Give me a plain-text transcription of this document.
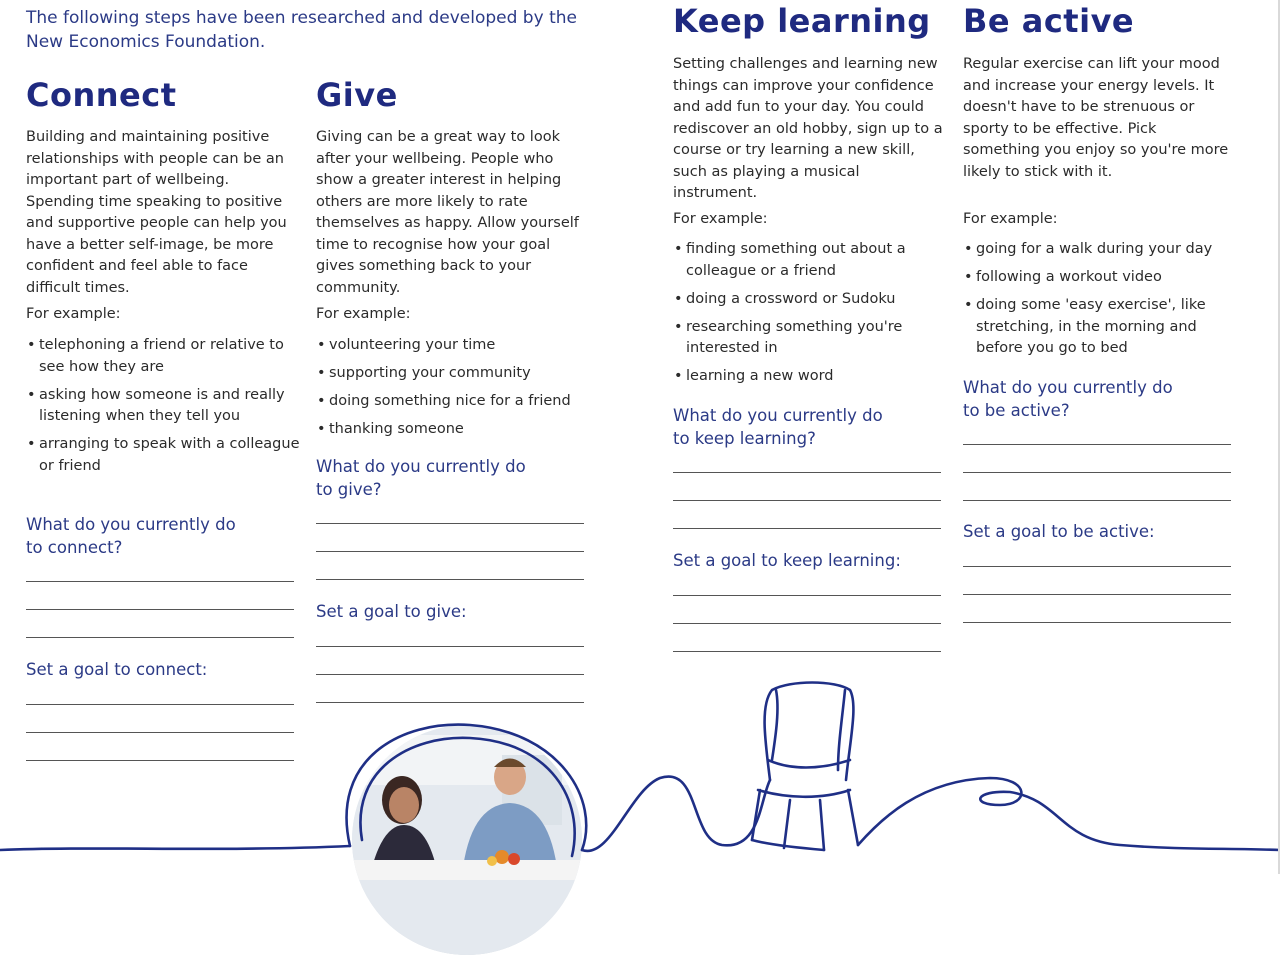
The following steps have been researched and developed by the New Economics Foundation.
Connect

Building and maintaining positive relationships with people can be an important part of wellbeing. Spending time speaking to positive and supportive people can help you have a better self-image, be more confident and feel able to face difficult times.

For example:

• telephoning a friend or relative to see how they are
• asking how someone is and really listening when they tell you
• arranging to speak with a colleague or friend

What do you currently do to connect?

Set a goal to connect:

Give

Giving can be a great way to look after your wellbeing. People who show a greater interest in helping others are more likely to rate themselves as happy. Allow yourself time to recognise how your goal gives something back to your community.

For example:

• volunteering your time
• supporting your community
• doing something nice for a friend
• thanking someone

What do you currently do to give?

Set a goal to give:

Keep learning

Setting challenges and learning new things can improve your confidence and add fun to your day. You could rediscover an old hobby, sign up to a course or try learning a new skill, such as playing a musical instrument.

For example:

• finding something out about a colleague or a friend
• doing a crossword or Sudoku
• researching something you're interested in
• learning a new word

What do you currently do to keep learning?

Set a goal to keep learning:

Be active

Regular exercise can lift your mood and increase your energy levels. It doesn't have to be strenuous or sporty to be effective. Pick something you enjoy so you're more likely to stick with it.

For example:

• going for a walk during your day
• following a workout video
• doing some 'easy exercise', like stretching, in the morning and before you go to bed

What do you currently do to be active?

Set a goal to be active:
